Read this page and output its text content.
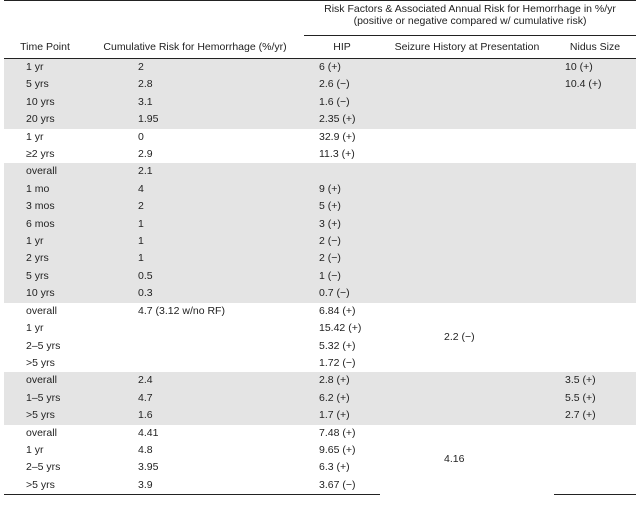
		Risk Factors & Associated Annual Risk for Hemorrhage in %/yr
(positive or negative compared w/ cumulative risk)		

Time Point	Cumulative Risk for Hemorrhage (%/yr)	HIP	Seizure History at Presentation	Nidus Size
1 yr	2	6 (+)		10 (+)
5 yrs	2.8	2.6 (−)		10.4 (+)
10 yrs	3.1	1.6 (−)		
20 yrs	1.95	2.35 (+)		
1 yr	0	32.9 (+)		
≥2 yrs	2.9	11.3 (+)		
overall	2.1			
1 mo	4	9 (+)		
3 mos	2	5 (+)		
6 mos	1	3 (+)		
1 yr	1	2 (−)		
2 yrs	1	2 (−)		
5 yrs	0.5	1 (−)		
10 yrs	0.3	0.7 (−)		
overall	4.7 (3.12 w/no RF)	6.84 (+)	2.2 (−)	
1 yr		15.42 (+)		
2–5 yrs		5.32 (+)		
>5 yrs		1.72 (−)		
overall	2.4	2.8 (+)		3.5 (+)
1–5 yrs	4.7	6.2 (+)		5.5 (+)
>5 yrs	1.6	1.7 (+)		2.7 (+)
overall	4.41	7.48 (+)	4.16	
1 yr	4.8	9.65 (+)		
2–5 yrs	3.95	6.3 (+)		
>5 yrs	3.9	3.67 (−)		
